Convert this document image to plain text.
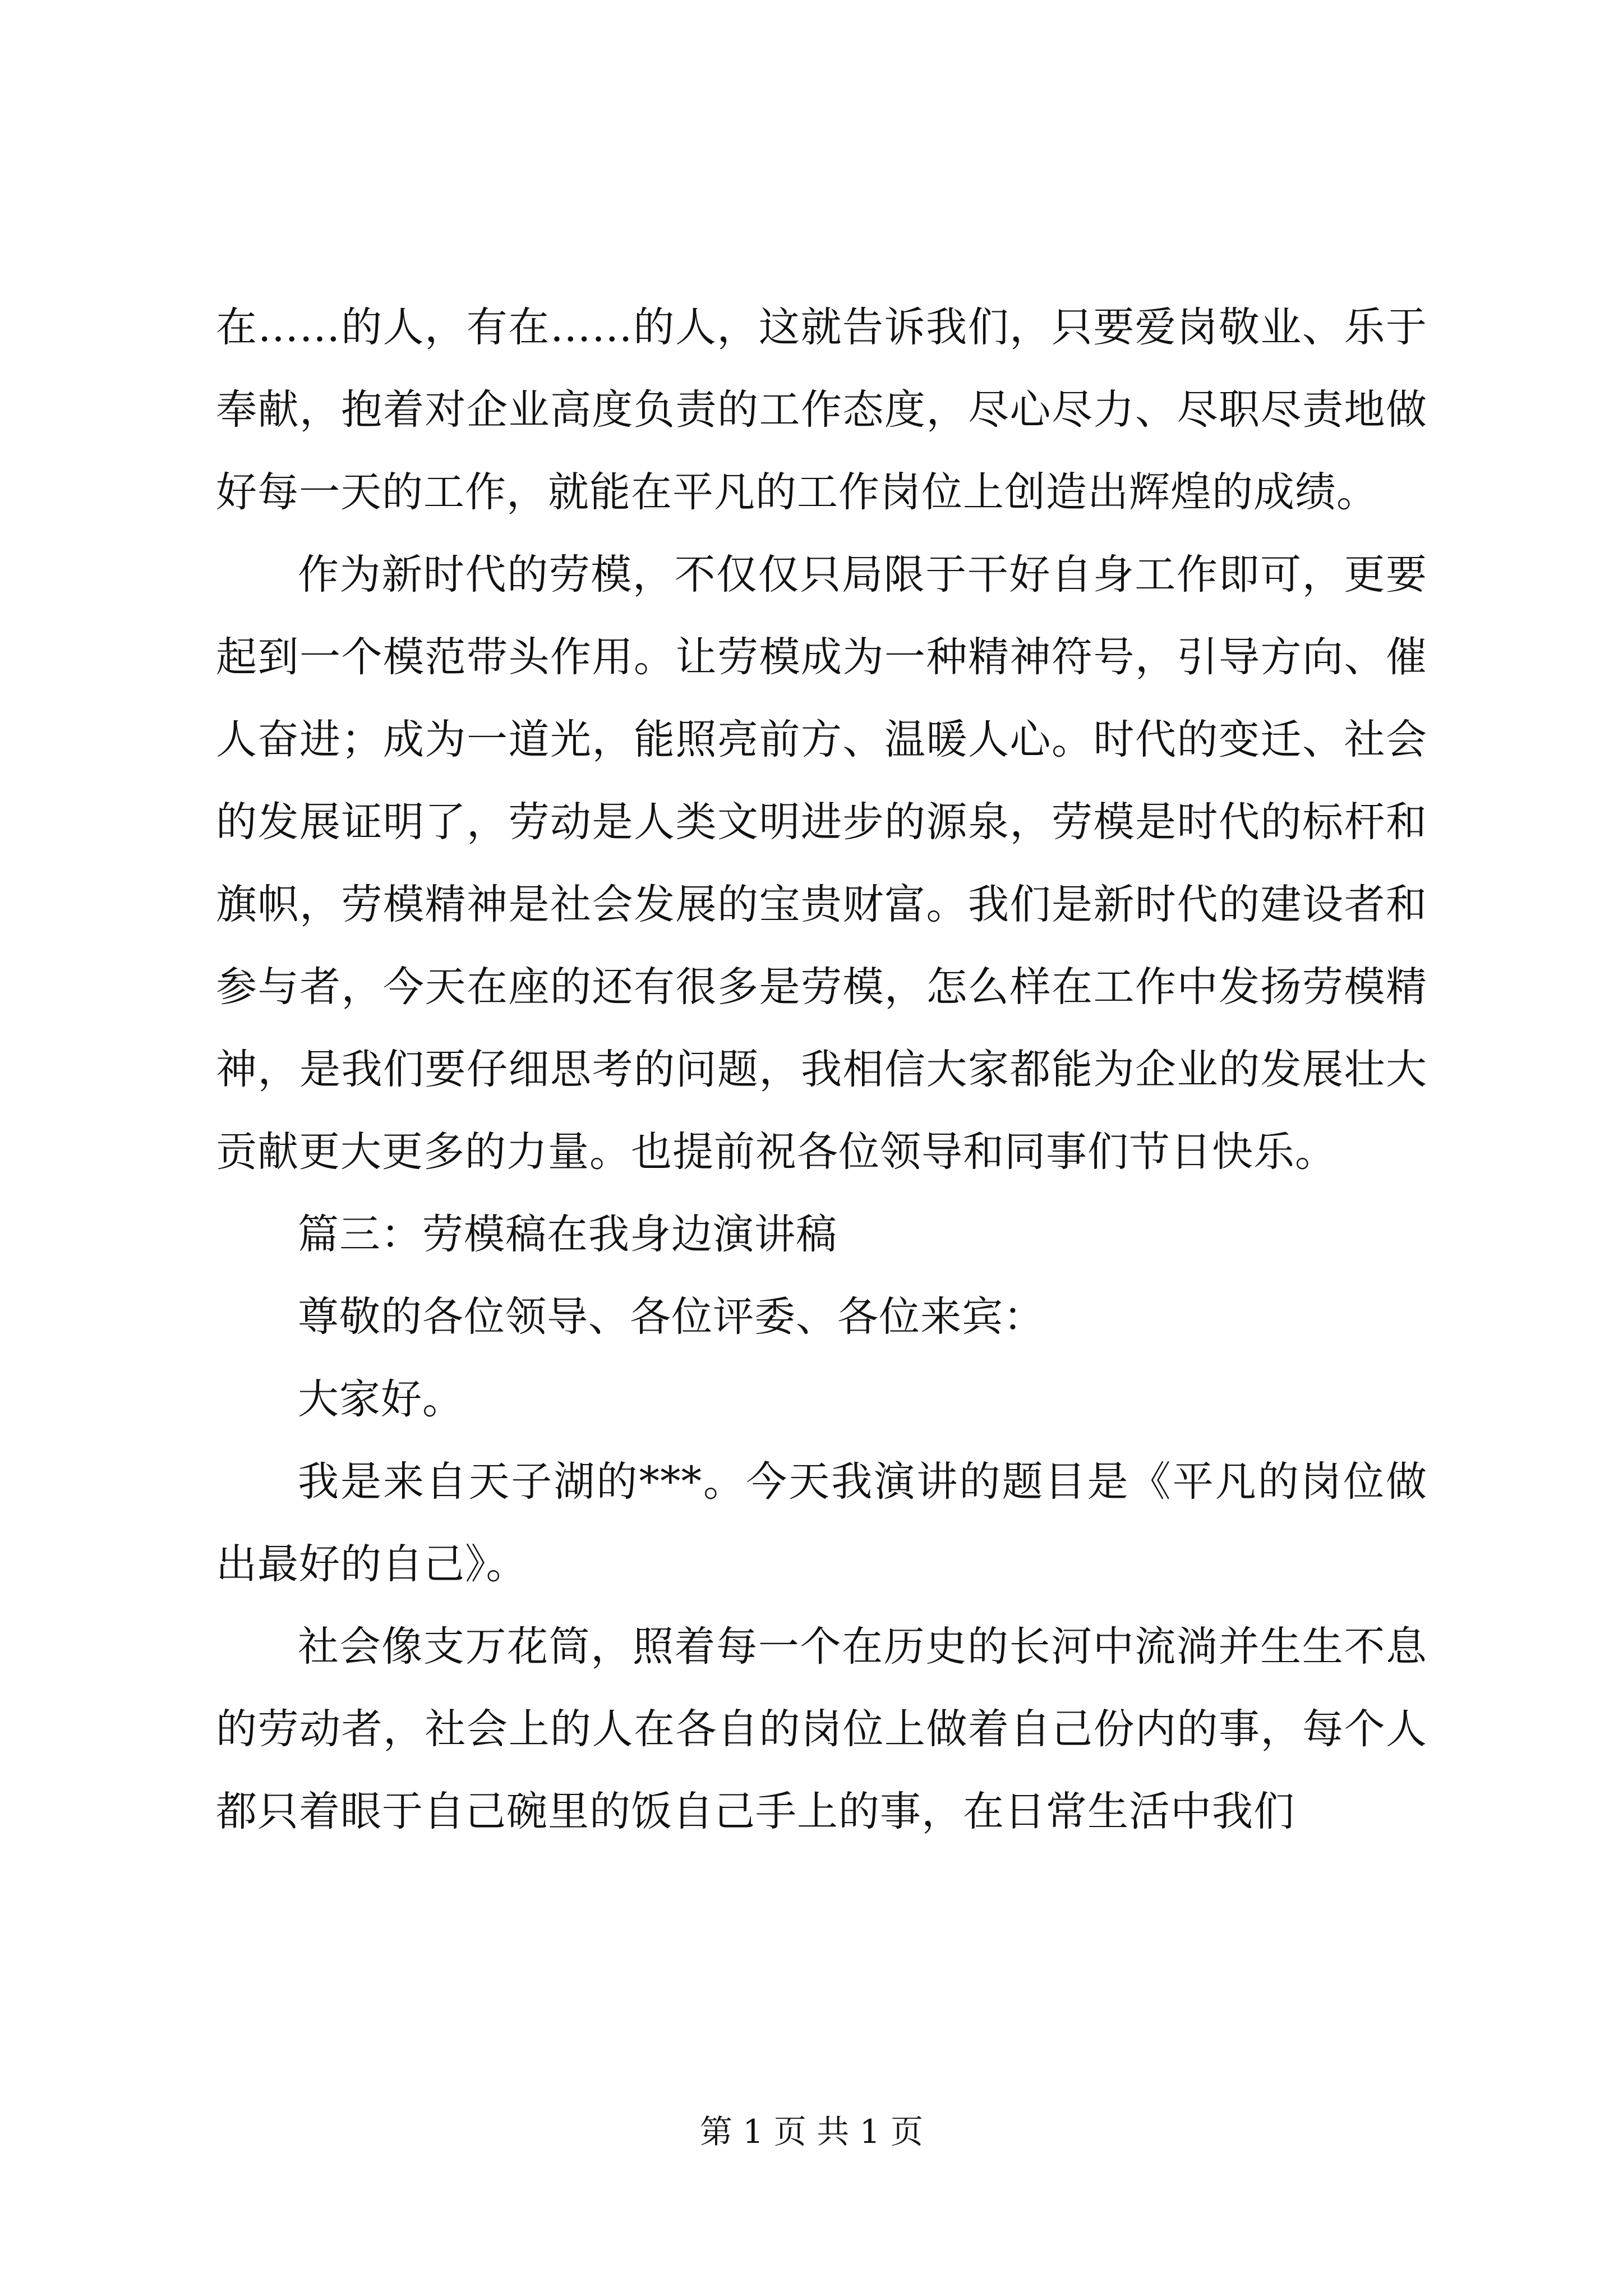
在……的人，有在……的人，这就告诉我们，只要爱岗敬业、乐于奉献，抱着对企业高度负责的工作态度，尽心尽力、尽职尽责地做好每一天的工作，就能在平凡的工作岗位上创造出辉煌的成绩。

作为新时代的劳模，不仅仅只局限于干好自身工作即可，更要起到一个模范带头作用。让劳模成为一种精神符号，引导方向、催人奋进；成为一道光，能照亮前方、温暖人心。时代的变迁、社会的发展证明了，劳动是人类文明进步的源泉，劳模是时代的标杆和旗帜，劳模精神是社会发展的宝贵财富。我们是新时代的建设者和参与者，今天在座的还有很多是劳模，怎么样在工作中发扬劳模精神，是我们要仔细思考的问题，我相信大家都能为企业的发展壮大贡献更大更多的力量。也提前祝各位领导和同事们节日快乐。

篇三：劳模稿在我身边演讲稿

尊敬的各位领导、各位评委、各位来宾：

大家好。

我是来自天子湖的***。今天我演讲的题目是《平凡的岗位做出最好的自己》。

社会像支万花筒，照着每一个在历史的长河中流淌并生生不息的劳动者，社会上的人在各自的岗位上做着自己份内的事，每个人都只着眼于自己碗里的饭自己手上的事，在日常生活中我们

第 1 页 共 1 页
